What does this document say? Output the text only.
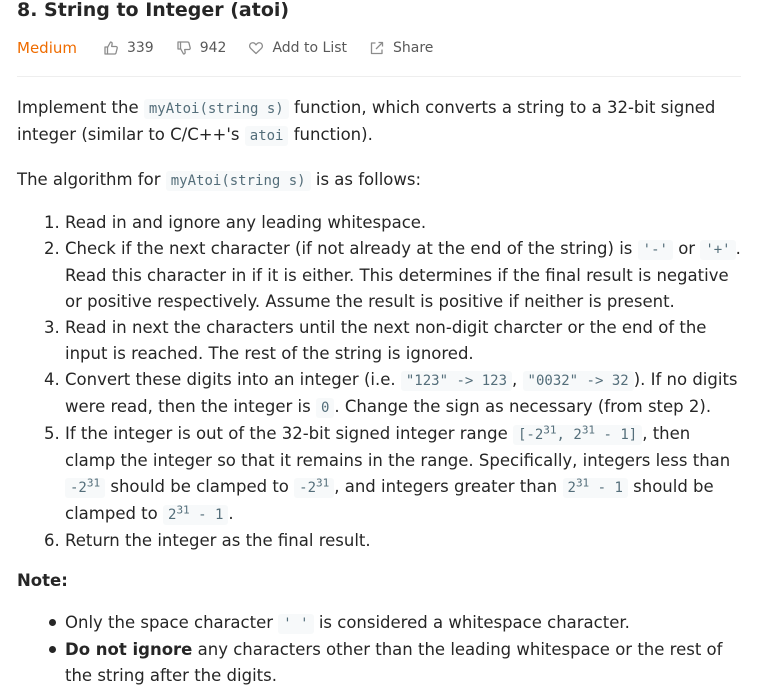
8. String to Integer (atoi)
Medium	339	942	Add to List	Share

Implement the myAtoi(string s) function, which converts a string to a 32-bit signed integer (similar to C/C++'s atoi function).

The algorithm for myAtoi(string s) is as follows:

1. Read in and ignore any leading whitespace.
2. Check if the next character (if not already at the end of the string) is '-' or '+' . Read this character in if it is either. This determines if the final result is negative or positive respectively. Assume the result is positive if neither is present.
3. Read in next the characters until the next non-digit charcter or the end of the input is reached. The rest of the string is ignored.
4. Convert these digits into an integer (i.e. "123" -> 123 , "0032" -> 32 ). If no digits were read, then the integer is 0 . Change the sign as necessary (from step 2).
5. If the integer is out of the 32-bit signed integer range [$-2^{31}$, $2^{31} - 1$] , then clamp the integer so that it remains in the range. Specifically, integers less than $-2^{31}$ should be clamped to $-2^{31}$ , and integers greater than $2^{31} - 1$ should be clamped to $2^{31} - 1$ .
6. Return the integer as the final result.

Note:

Only the space character ' ' is considered a whitespace character.
Do not ignore any characters other than the leading whitespace or the rest of the string after the digits.
